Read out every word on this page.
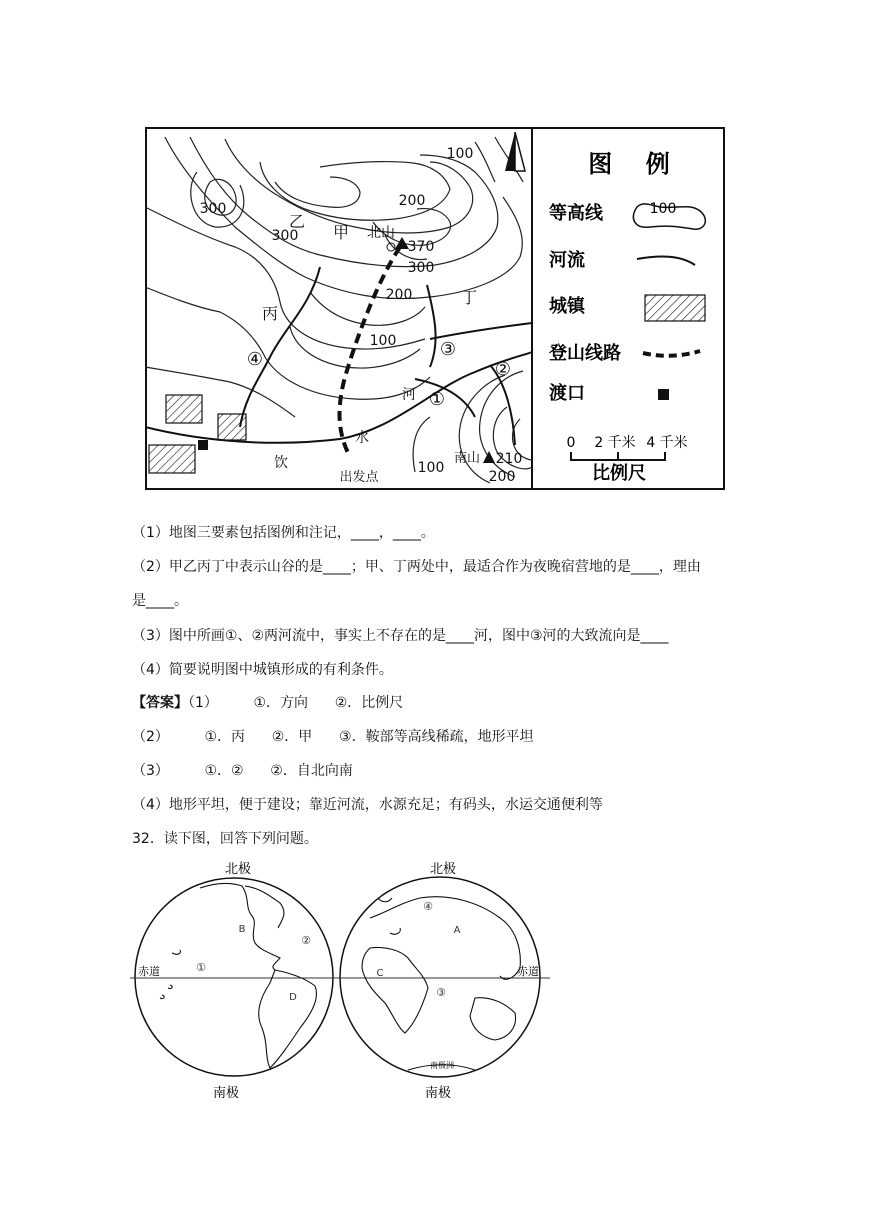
100
200
300
300
370
300
200
100
210
200
100
乙
甲 北山
丁
丙
河
水
饮
出发点
南山
④	③
②
①
图    例
等高线	100
河流
城镇
登山线路
渡口
0 2 千米 4 千米
比例尺
（1）地图三要素包括图例和注记，____，____。
（2）甲乙丙丁中表示山谷的是____；甲、丁两处中，最适合作为夜晚宿营地的是____，理由
是____。
（3）图中所画①、②两河流中，事实上不存在的是____河，图中③河的大致流向是____
（4）简要说明图中城镇形成的有利条件。
【答案】（1）        ①．方向      ②．比例尺
（2）        ①．丙      ②．甲      ③．鞍部等高线稀疏，地形平坦
（3）        ①．②      ②．自北向南
（4）地形平坦，便于建设；靠近河流，水源充足；有码头，水运交通便利等
32．读下图，回答下列问题。
北极	北极
赤道	赤道
南极洲
B
D
C
A
①
②
④
③
南极	南极
